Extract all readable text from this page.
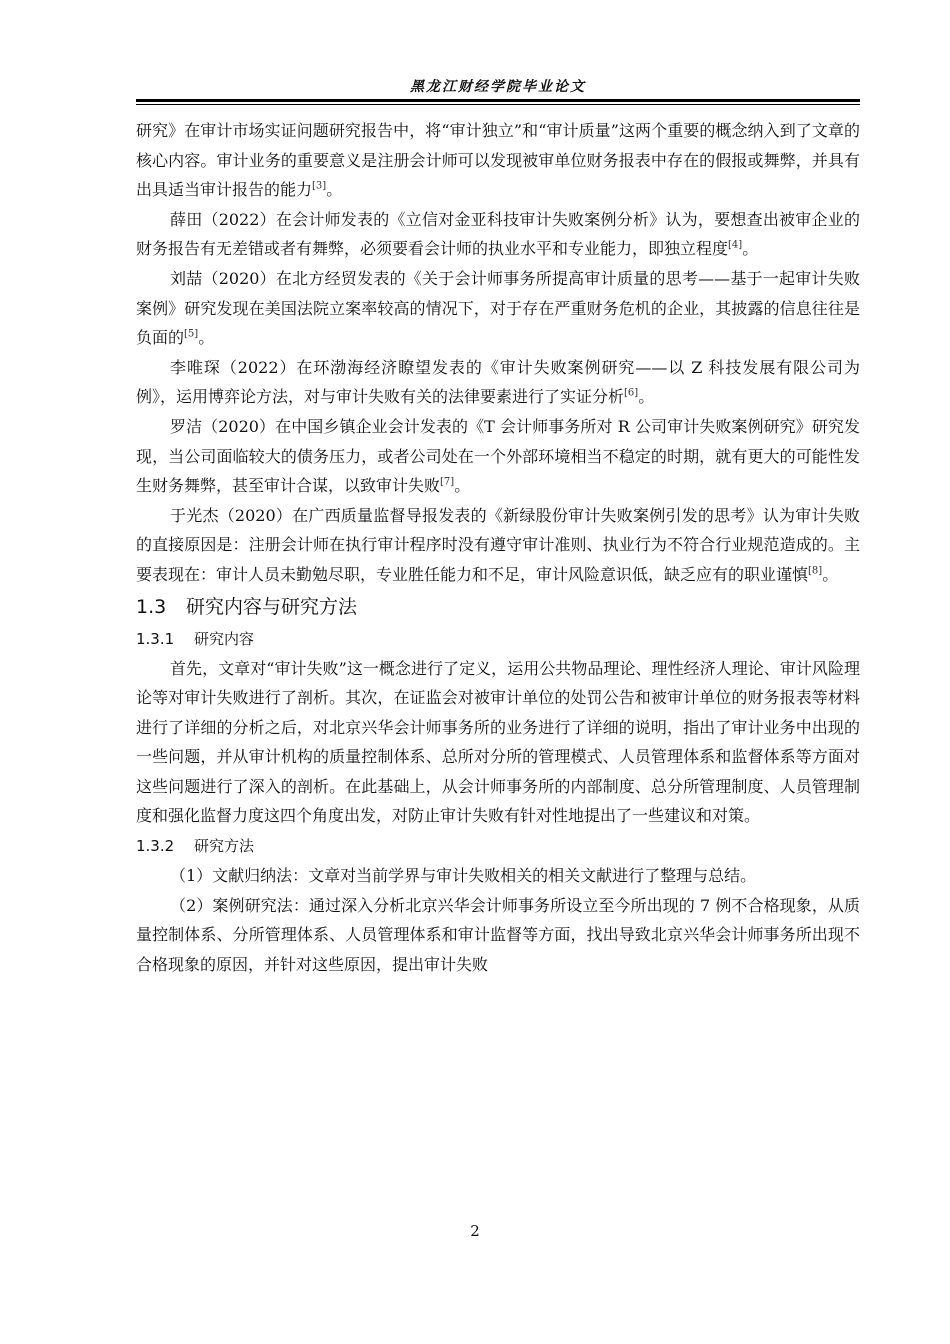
黑龙江财经学院毕业论文

研究》在审计市场实证问题研究报告中，将“审计独立”和“审计质量”这两个重要的概念纳入到了文章的核心内容。审计业务的重要意义是注册会计师可以发现被审单位财务报表中存在的假报或舞弊，并具有出具适当审计报告的能力[3]。

薛田（2022）在会计师发表的《立信对金亚科技审计失败案例分析》认为，要想查出被审企业的财务报告有无差错或者有舞弊，必须要看会计师的执业水平和专业能力，即独立程度[4]。

刘喆（2020）在北方经贸发表的《关于会计师事务所提高审计质量的思考——基于一起审计失败案例》研究发现在美国法院立案率较高的情况下，对于存在严重财务危机的企业，其披露的信息往往是负面的[5]。

李唯琛（2022）在环渤海经济瞭望发表的《审计失败案例研究——以 Z 科技发展有限公司为例》，运用博弈论方法，对与审计失败有关的法律要素进行了实证分析[6]。

罗洁（2020）在中国乡镇企业会计发表的《T 会计师事务所对 R 公司审计失败案例研究》研究发现，当公司面临较大的债务压力，或者公司处在一个外部环境相当不稳定的时期，就有更大的可能性发生财务舞弊，甚至审计合谋，以致审计失败[7]。

于光杰（2020）在广西质量监督导报发表的《新绿股份审计失败案例引发的思考》认为审计失败的直接原因是：注册会计师在执行审计程序时没有遵守审计准则、执业行为不符合行业规范造成的。主要表现在：审计人员未勤勉尽职，专业胜任能力和不足，审计风险意识低，缺乏应有的职业谨慎[8]。

1.3 研究内容与研究方法

1.3.1 研究内容

首先，文章对“审计失败”这一概念进行了定义，运用公共物品理论、理性经济人理论、审计风险理论等对审计失败进行了剖析。其次，在证监会对被审计单位的处罚公告和被审计单位的财务报表等材料进行了详细的分析之后，对北京兴华会计师事务所的业务进行了详细的说明，指出了审计业务中出现的一些问题，并从审计机构的质量控制体系、总所对分所的管理模式、人员管理体系和监督体系等方面对这些问题进行了深入的剖析。在此基础上，从会计师事务所的内部制度、总分所管理制度、人员管理制度和强化监督力度这四个角度出发，对防止审计失败有针对性地提出了一些建议和对策。

1.3.2 研究方法

（1）文献归纳法：文章对当前学界与审计失败相关的相关文献进行了整理与总结。

（2）案例研究法：通过深入分析北京兴华会计师事务所设立至今所出现的 7 例不合格现象，从质量控制体系、分所管理体系、人员管理体系和审计监督等方面，找出导致北京兴华会计师事务所出现不合格现象的原因，并针对这些原因，提出审计失败

2
